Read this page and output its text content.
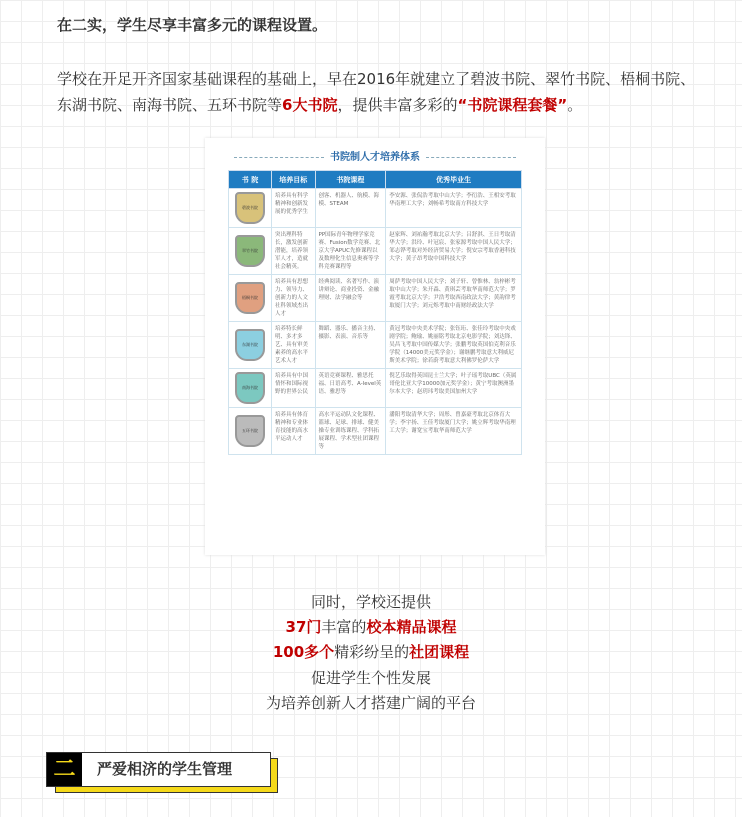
在二实，学生尽享丰富多元的课程设置。
学校在开足开齐国家基础课程的基础上，早在2016年就建立了碧波书院、翠竹书院、梧桐书院、东湖书院、南海书院、五环书院等6大书院，提供丰富多彩的“书院课程套餐”。
书院制人才培养体系
书 院	培养目标	书院课程	优秀毕业生
碧波书院	培养具有科学精神和创新发展的优秀学生	创客、机器人、航模、海模、STEAM	李安源、张侃浩考取中山大学；李衍浩、王相安考取华南理工大学；刘畅希考取南方科技大学
翠竹书院	突出理科特长，激发创新潜能，培养领军人才，造就社会精英。	PP国际青年物理学家竞赛、Fusion数学竞赛、北京大学APUC先修课程以及数理化生信息奥赛等学科竞赛课程等	赵家辉、刘祐瀚考取北京大学；吕舒淇、王日考取清华大学；洪玲、叶冠宸、张家源考取中国人民大学；邹志铧考取对外经济贸易大学；倪安宗考取香港科技大学；黄子昂考取中国科技大学
梧桐书院	培养具有思想力、领导力、创新力的人文社科领域杰出人才	经典阅读、名著写作、演讲辩论、商业投资、金融理财、法学融会等	周萨考取中国人民大学；刘子轩、曾惟林、翁梓彬考取中山大学；朱开森、黄琪芸考取华南师范大学；罗霞考取北京大学；尹浩考取西南政法大学；黄韵律考取厦门大学；刘元烁考取中南财经政法大学
东湖书院	培养特长鲜明、多才多艺、具有审美素养的高水平艺术人才	舞蹈、器乐、播音主持、摄影、表演、音乐等	黄冠考取中央美术学院；张钰珩、张佳玲考取中央戏剧学院；鲍瑜、姚丽铭考取北京电影学院；刘达锋、吴昌飞考取中国传媒大学；张鹏考取英国伯克利音乐学院（14000美元奖学金）；谢继鹏考取意大利威尼斯美术学院；徐若蔚考取意大利佛罗伦萨大学
南海书院	培养具有中国情怀和国际视野的世界公民	英语竞赛课程、雅思托福、日语高考、A-level英语、雅思等	倪艺乐取得英国昆士兰大学；叶子瑶考取UBC（英属哥伦比亚大学10000加元奖学金）；黄宁考取澳洲墨尔本大学；赵玥玮考取美国加州大学
五环书院	培养具有体育精神和专业体育技能的高水平运动人才	高水平运动队文化课程、篮球、足球、排球、健美操专业训练课程、学科拓展课程、学术型社团课程等	潘阳考取清华大学；周彤、曾嘉豪考取北京体育大学；李宇扬、王佳考取厦门大学；姚立辉考取华南理工大学；谢宽宝考取华南师范大学
同时，学校还提供
37门丰富的校本精品课程
100多个精彩纷呈的社团课程
促进学生个性发展
为培养创新人才搭建广阔的平台
二	严爱相济的学生管理
